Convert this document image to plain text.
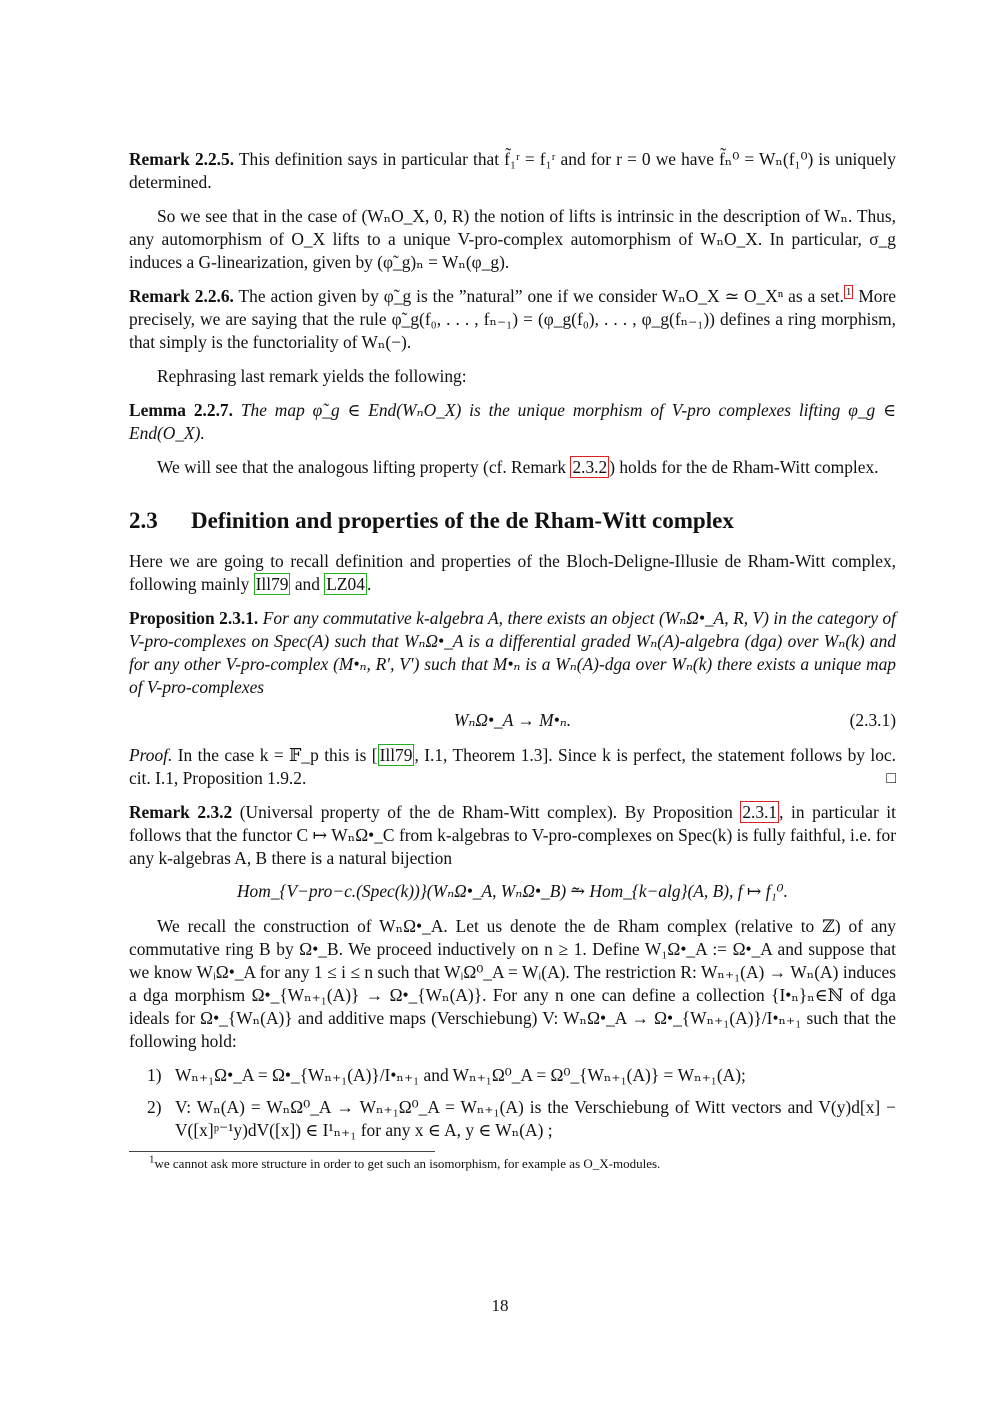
Remark 2.2.5. This definition says in particular that f̃₁ʳ = f₁ʳ and for r = 0 we have f̃ₙ⁰ = Wₙ(f₁⁰) is uniquely determined.

So we see that in the case of (WₙO_X, 0, R) the notion of lifts is intrinsic in the description of Wₙ. Thus, any automorphism of O_X lifts to a unique V-pro-complex automorphism of WₙO_X. In particular, σ_g induces a G-linearization, given by (φ̃_g)ₙ = Wₙ(φ_g).

Remark 2.2.6. The action given by φ̃_g is the ”natural” one if we consider WₙO_X ≃ O_Xⁿ as a set. $^1$ More precisely, we are saying that the rule φ̃_g(f₀, . . . , fₙ₋₁) = (φ_g(f₀), . . . , φ_g(fₙ₋₁)) defines a ring morphism, that simply is the functoriality of Wₙ(−).

Rephrasing last remark yields the following:

Lemma 2.2.7. The map φ̃_g ∈ End(WₙO_X) is the unique morphism of V-pro complexes lifting φ_g ∈ End(O_X).

We will see that the analogous lifting property (cf. Remark 2.3.2 ) holds for the de Rham-Witt complex.

2.3 Definition and properties of the de Rham-Witt complex

Here we are going to recall definition and properties of the Bloch-Deligne-Illusie de Rham-Witt complex, following mainly Ill79 and LZ04 .

Proposition 2.3.1. For any commutative k-algebra A, there exists an object (WₙΩ•_A, R, V) in the category of V-pro-complexes on Spec(A) such that WₙΩ•_A is a differential graded Wₙ(A)-algebra (dga) over Wₙ(k) and for any other V-pro-complex (M•ₙ, R′, V′) such that M•ₙ is a Wₙ(A)-dga over Wₙ(k) there exists a unique map of V-pro-complexes

WₙΩ•_A → M•ₙ.	(2.3.1)

Proof. In the case k = 𝔽_p this is [ Ill79 , I.1, Theorem 1.3]. Since k is perfect, the statement follows by loc. cit. I.1, Proposition 1.9.2.	□

Remark 2.3.2 (Universal property of the de Rham-Witt complex). By Proposition 2.3.1 , in particular it follows that the functor C ↦ WₙΩ•_C from k-algebras to V-pro-complexes on Spec(k) is fully faithful, i.e. for any k-algebras A, B there is a natural bijection

Hom_{V−pro−c.(Spec(k))}(WₙΩ•_A, WₙΩ•_B) ⥲ Hom_{k−alg}(A, B), f ↦ f₁⁰.

We recall the construction of WₙΩ•_A. Let us denote the de Rham complex (relative to ℤ) of any commutative ring B by Ω•_B. We proceed inductively on n ≥ 1. Define W₁Ω•_A := Ω•_A and suppose that we know WᵢΩ•_A for any 1 ≤ i ≤ n such that WᵢΩ⁰_A = Wᵢ(A). The restriction R: Wₙ₊₁(A) → Wₙ(A) induces a dga morphism Ω•_{Wₙ₊₁(A)} → Ω•_{Wₙ(A)}. For any n one can define a collection {I•ₙ}ₙ∈ℕ of dga ideals for Ω•_{Wₙ(A)} and additive maps (Verschiebung) V: WₙΩ•_A → Ω•_{Wₙ₊₁(A)}/I•ₙ₊₁ such that the following hold:

1) Wₙ₊₁Ω•_A = Ω•_{Wₙ₊₁(A)}/I•ₙ₊₁ and Wₙ₊₁Ω⁰_A = Ω⁰_{Wₙ₊₁(A)} = Wₙ₊₁(A);
2) V: Wₙ(A) = WₙΩ⁰_A → Wₙ₊₁Ω⁰_A = Wₙ₊₁(A) is the Verschiebung of Witt vectors and V(y)d[x] − V([x]ᵖ⁻¹y)dV([x]) ∈ I¹ₙ₊₁ for any x ∈ A, y ∈ Wₙ(A) ;
$^1$we cannot ask more structure in order to get such an isomorphism, for example as O_X-modules.
18
